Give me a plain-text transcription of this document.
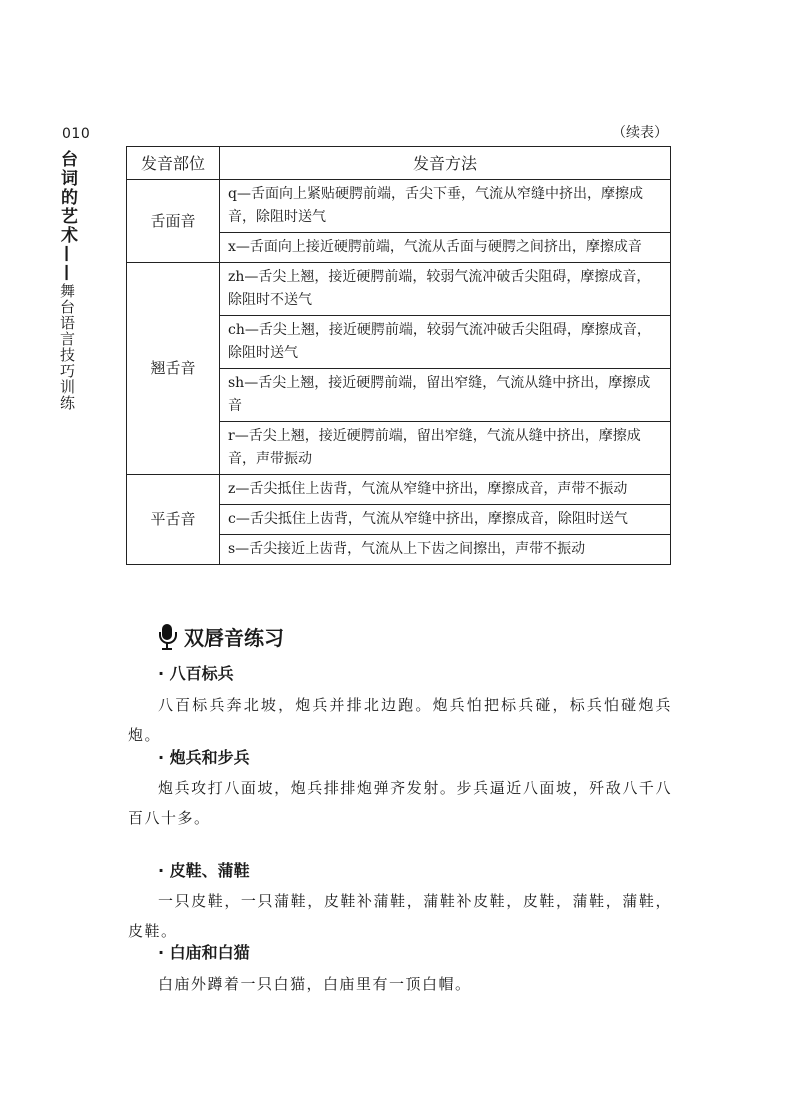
010	（续表）
台词的艺术——舞台语言技巧训练
发音部位	发音方法
舌面音	q—舌面向上紧贴硬腭前端，舌尖下垂，气流从窄缝中挤出，摩擦成音，除阻时送气
	x—舌面向上接近硬腭前端，气流从舌面与硬腭之间挤出，摩擦成音
翘舌音	zh—舌尖上翘，接近硬腭前端，较弱气流冲破舌尖阻碍，摩擦成音，除阻时不送气
	ch—舌尖上翘，接近硬腭前端，较弱气流冲破舌尖阻碍，摩擦成音，除阻时送气
	sh—舌尖上翘，接近硬腭前端，留出窄缝，气流从缝中挤出，摩擦成音
	r—舌尖上翘，接近硬腭前端，留出窄缝，气流从缝中挤出，摩擦成音，声带振动
平舌音	z—舌尖抵住上齿背，气流从窄缝中挤出，摩擦成音，声带不振动
	c—舌尖抵住上齿背，气流从窄缝中挤出，摩擦成音，除阻时送气
	s—舌尖接近上齿背，气流从上下齿之间擦出，声带不振动
双唇音练习
· 八百标兵
八百标兵奔北坡，炮兵并排北边跑。炮兵怕把标兵碰，标兵怕碰炮兵炮。
· 炮兵和步兵
炮兵攻打八面坡，炮兵排排炮弹齐发射。步兵逼近八面坡，歼敌八千八百八十多。
· 皮鞋、蒲鞋
一只皮鞋，一只蒲鞋，皮鞋补蒲鞋，蒲鞋补皮鞋，皮鞋，蒲鞋，蒲鞋，皮鞋。
· 白庙和白猫
白庙外蹲着一只白猫，白庙里有一顶白帽。
